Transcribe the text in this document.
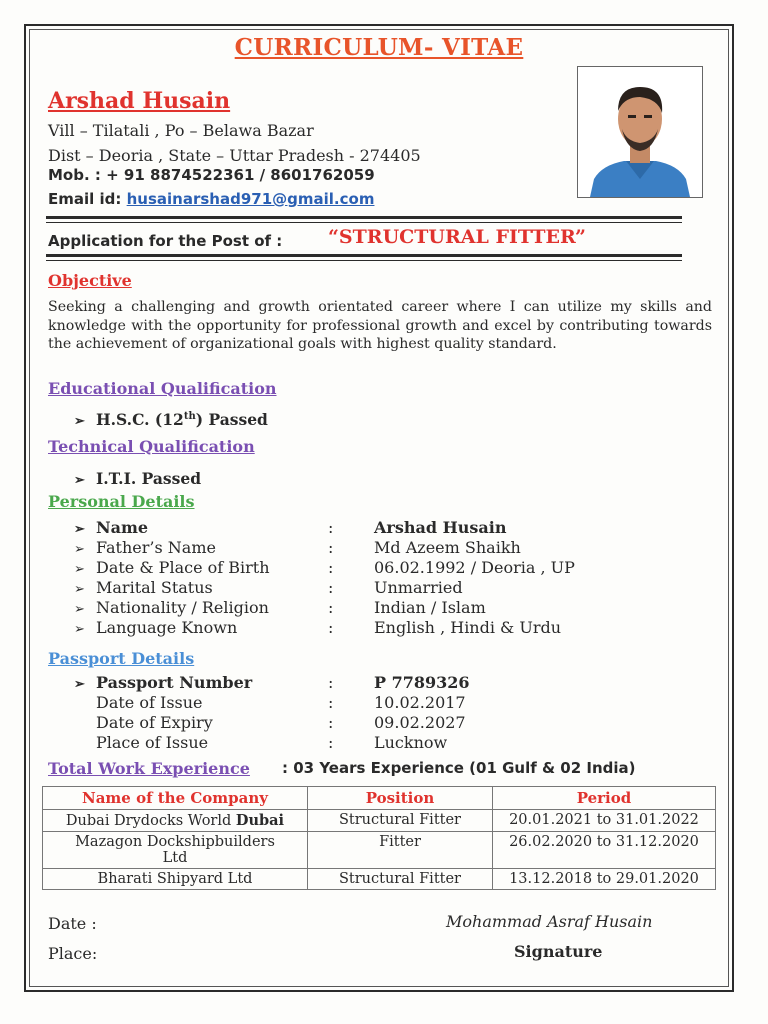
CURRICULUM- VITAE
Arshad Husain
Vill – Tilatali , Po – Belawa Bazar
Dist – Deoria , State – Uttar Pradesh - 274405
Mob. : + 91 8874522361 / 8601762059
Email id: husainarshad971@gmail.com
Application for the Post of : “STRUCTURAL FITTER”
Objective
Seeking a challenging and growth orientated career where I can utilize my skills and knowledge with the opportunity for professional growth and excel by contributing towards the achievement of organizational goals with highest quality standard.
Educational Qualification
➢ H.S.C. (12th) Passed
Technical Qualification
➢ I.T.I. Passed
Personal Details
➢ Name	:	Arshad Husain
➢ Father’s Name	:	Md Azeem Shaikh
➢ Date & Place of Birth	:	06.02.1992 / Deoria , UP
➢ Marital Status	:	Unmarried
➢ Nationality / Religion	:	Indian / Islam
➢ Language Known	:	English , Hindi & Urdu
Passport Details
➢ Passport Number	:	P 7789326
Date of Issue	:	10.02.2017
Date of Expiry	:	09.02.2027
Place of Issue	:	Lucknow
Total Work Experience : 03 Years Experience (01 Gulf & 02 India)
Name of the Company	Position	Period
Dubai Drydocks World Dubai	Structural Fitter	20.01.2021 to 31.01.2022
Mazagon Dockshipbuilders Ltd	Fitter	26.02.2020 to 31.12.2020
Bharati Shipyard Ltd	Structural Fitter	13.12.2018 to 29.01.2020
Date :
Place:
Mohammad Asraf Husain
Signature
